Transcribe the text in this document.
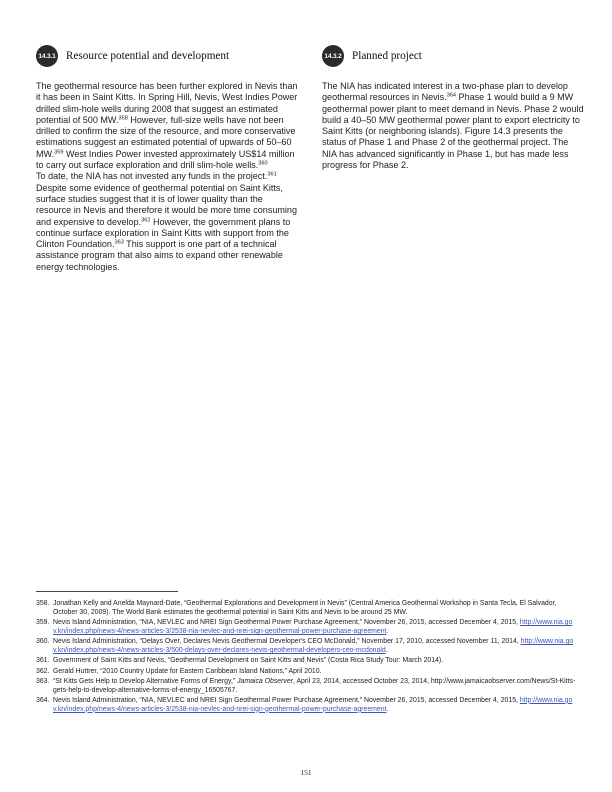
14.3.1 Resource potential and development

The geothermal resource has been further explored in Nevis than it has been in Saint Kitts. In Spring Hill, Nevis, West Indies Power drilled slim-hole wells during 2008 that suggest an estimated potential of 500 MW.$^{358}$ However, full-size wells have not been drilled to confirm the size of the resource, and more conservative estimations suggest an estimated potential of upwards of 50–60 MW.$^{359}$ West Indies Power invested approximately US$14 million to carry out surface exploration and drill slim-hole wells.$^{360}$

To date, the NIA has not invested any funds in the project.$^{361}$ Despite some evidence of geothermal potential on Saint Kitts, surface studies suggest that it is of lower quality than the resource in Nevis and therefore it would be more time consuming and expensive to develop.$^{362}$ However, the government plans to continue surface exploration in Saint Kitts with support from the Clinton Foundation.$^{363}$ This support is one part of a technical assistance program that also aims to expand other renewable energy technologies.

14.3.2 Planned project

The NIA has indicated interest in a two-phase plan to develop geothermal resources in Nevis.$^{364}$ Phase 1 would build a 9 MW geothermal power plant to meet demand in Nevis. Phase 2 would build a 40–50 MW geothermal power plant to export electricity to Saint Kitts (or neighboring islands). Figure 14.3 presents the status of Phase 1 and Phase 2 of the geothermal project. The NIA has advanced significantly in Phase 1, but has made less progress for Phase 2.

358. Jonathan Kelly and Anelda Maynard-Date, “Geothermal Explorations and Development in Nevis” (Central America Geothermal Workshop in Santa Tecla, El Salvador, October 30, 2009). The World Bank estimates the geothermal potential in Saint Kitts and Nevis to be around 25 MW.
359. Nevis Island Administration, “NIA, NEVLEC and NREI Sign Geothermal Power Purchase Agreement,” November 26, 2015, accessed December 4, 2015, http://www.nia.gov.kn/index.php/news-4/news-articles-3/2538-nia-nevlec-and-nrei-sign-geothermal-power-purchase-agreement.
360. Nevis Island Administration, “Delays Over, Declares Nevis Geothermal Developer's CEO McDonald,” November 17, 2010, accessed November 11, 2014, http://www.nia.gov.kn/index.php/news-4/news-articles-3/500-delays-over-declares-nevis-geothermal-developers-ceo-mcdonald.
361. Government of Saint Kitts and Nevis, “Geothermal Development on Saint Kitts and Nevis” (Costa Rica Study Tour: March 2014).
362. Gerald Huttrer, “2010 Country Update for Eastern Caribbean Island Nations,” April 2010.
363. “St Kitts Gets Help to Develop Alternative Forms of Energy,” Jamaica Observer, April 23, 2014, accessed October 23, 2014, http://www.jamaicaobserver.com/News/St-Kitts-gets-help-to-develop-alternative-forms-of-energy_16505767.
364. Nevis Island Administration, “NIA, NEVLEC and NREI Sign Geothermal Power Purchase Agreement,” November 26, 2015, accessed December 4, 2015, http://www.nia.gov.kn/index.php/news-4/news-articles-3/2538-nia-nevlec-and-nrei-sign-geothermal-power-purchase-agreement.
151
